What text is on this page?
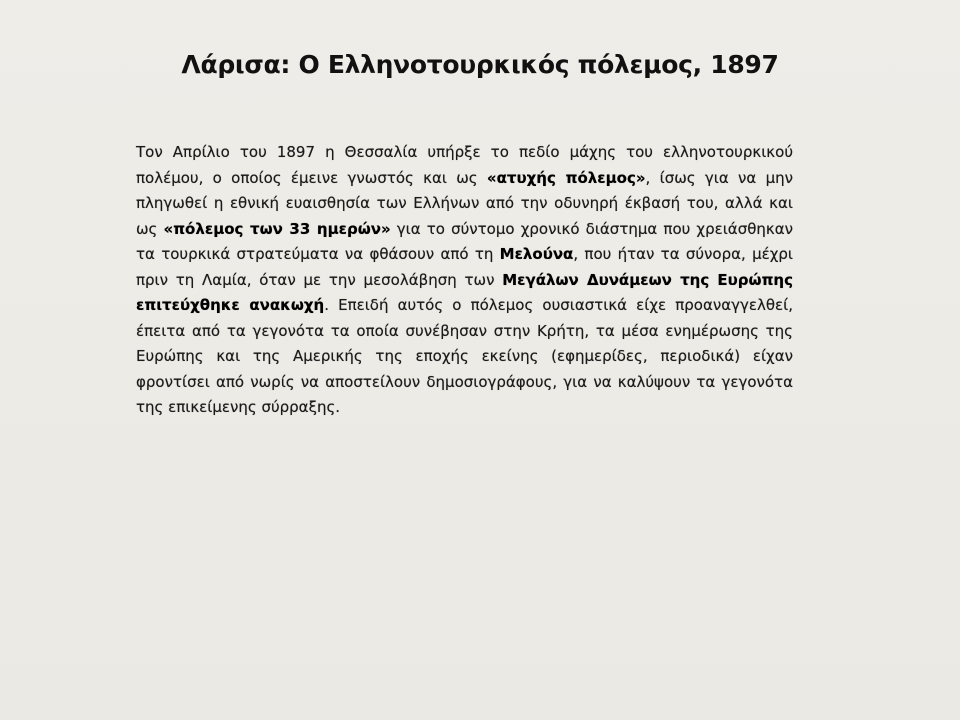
Λάρισα: Ο Ελληνοτουρκικός πόλεμος, 1897
Τον Απρίλιο του 1897 η Θεσσαλία υπήρξε το πεδίο μάχης του ελληνοτουρκικού πολέμου, ο οποίος έμεινε γνωστός και ως «ατυχής πόλεμος», ίσως για να μην πληγωθεί η εθνική ευαισθησία των Ελλήνων από την οδυνηρή έκβασή του, αλλά και ως «πόλεμος των 33 ημερών» για το σύντομο χρονικό διάστημα που χρειάσθηκαν τα τουρκικά στρατεύματα να φθάσουν από τη Μελούνα, που ήταν τα σύνορα, μέχρι πριν τη Λαμία, όταν με την μεσολάβηση των Μεγάλων Δυνάμεων της Ευρώπης επιτεύχθηκε ανακωχή. Επειδή αυτός ο πόλεμος ουσιαστικά είχε προαναγγελθεί, έπειτα από τα γεγονότα τα οποία συνέβησαν στην Κρήτη, τα μέσα ενημέρωσης της Ευρώπης και της Αμερικής της εποχής εκείνης (εφημερίδες, περιοδικά) είχαν φροντίσει από νωρίς να αποστείλουν δημοσιογράφους, για να καλύψουν τα γεγονότα της επικείμενης σύρραξης.
